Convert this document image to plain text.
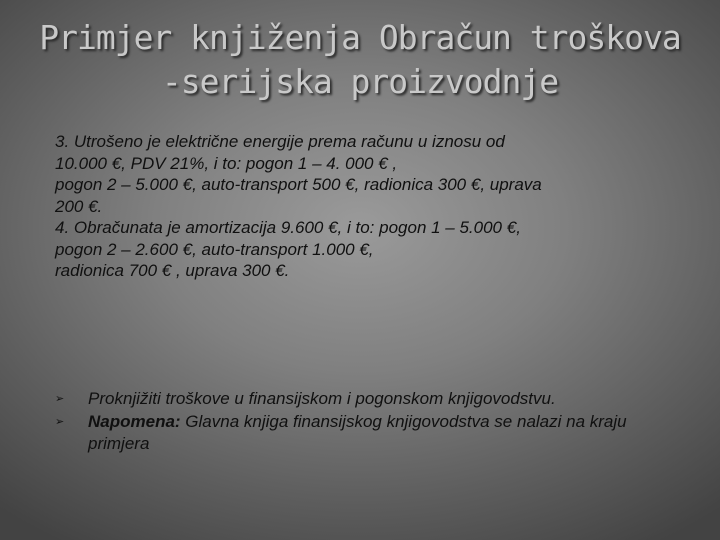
Primjer knjiženja Obračun troškova
-serijska proizvodnje

3. Utrošeno je električne energije prema računu u iznosu od

10.000 €, PDV 21%, i to: pogon 1 – 4. 000 € ,

pogon 2 – 5.000 €, auto-transport 500 €, radionica 300 €, uprava

200 €.

4. Obračunata je amortizacija 9.600 €, i to: pogon 1 – 5.000 €,

pogon 2 – 2.600 €, auto-transport 1.000 €,

radionica 700 € , uprava 300 €.

➢ Proknjižiti troškove u finansijskom i pogonskom knjigovodstvu.
➢ Napomena: Glavna knjiga finansijskog knjigovodstva se nalazi na kraju primjera
